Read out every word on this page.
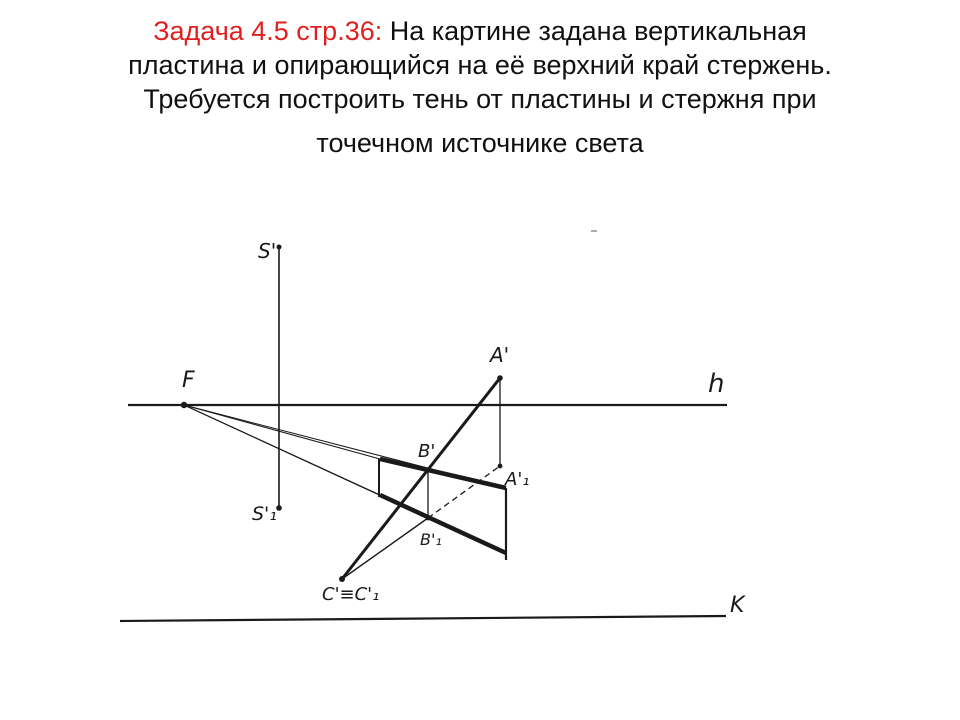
Задача 4.5 стр.36: На картине задана вертикальная
пластина и опирающийся на её верхний край стержень.
Требуется построить тень от пластины и стержня при
точечном источнике света
S'
S'₁
F	h
K
A'
A'₁
B'
B'₁
C'≡C'₁
